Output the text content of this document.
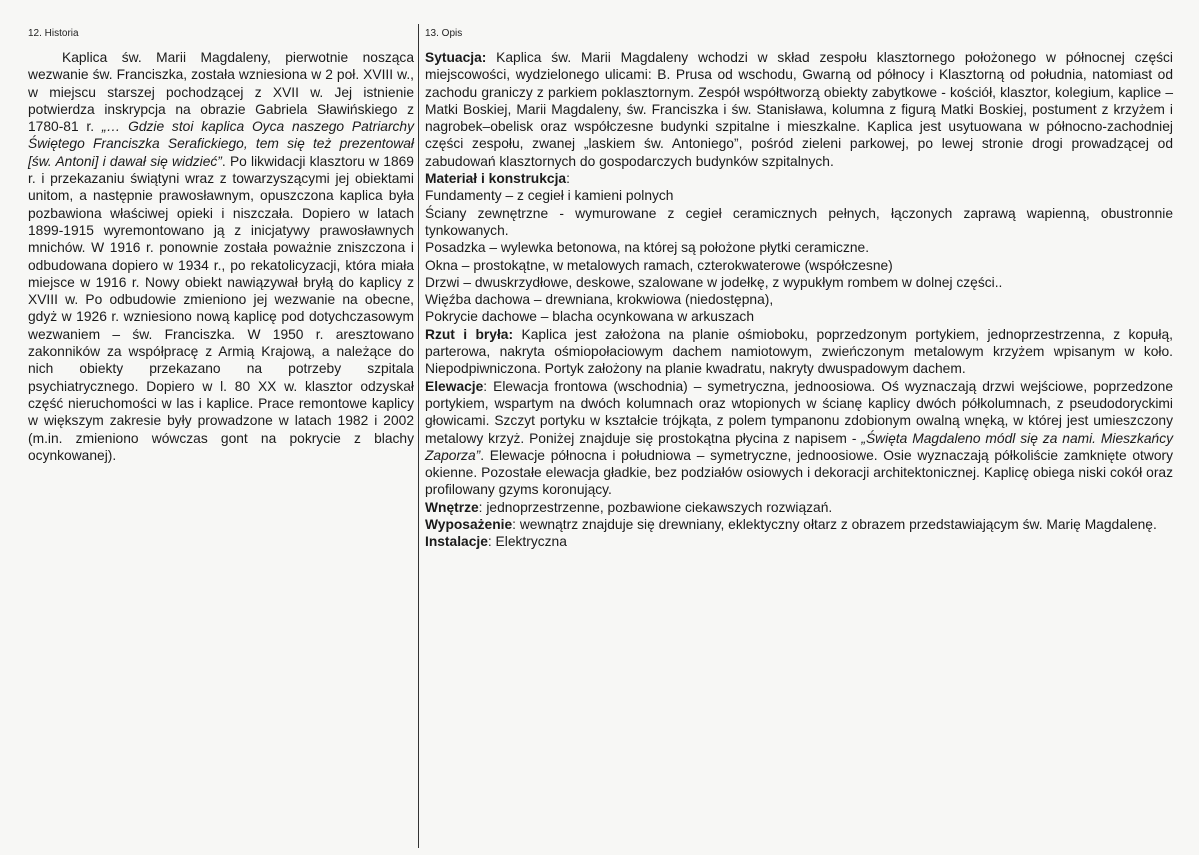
12. Historia

Kaplica św. Marii Magdaleny, pierwotnie nosząca wezwanie św. Franciszka, została wzniesiona w 2 poł. XVIII w., w miejscu starszej pochodzącej z XVII w. Jej istnienie potwierdza inskrypcja na obrazie Gabriela Sławińskiego z 1780-81 r. „… Gdzie stoi kaplica Oyca naszego Patriarchy Świętego Franciszka Serafickiego, tem się też prezentował [św. Antoni] i dawał się widzieć”. Po likwidacji klasztoru w 1869 r. i przekazaniu świątyni wraz z towarzyszącymi jej obiektami unitom, a następnie prawosławnym, opuszczona kaplica była pozbawiona właściwej opieki i niszczała. Dopiero w latach 1899-1915 wyremontowano ją z inicjatywy prawosławnych mnichów. W 1916 r. ponownie została poważnie zniszczona i odbudowana dopiero w 1934 r., po rekatolicyzacji, która miała miejsce w 1916 r. Nowy obiekt nawiązywał bryłą do kaplicy z XVIII w. Po odbudowie zmieniono jej wezwanie na obecne, gdyż w 1926 r. wzniesiono nową kaplicę pod dotychczasowym wezwaniem – św. Franciszka. W 1950 r. aresztowano zakonników za współpracę z Armią Krajową, a należące do nich obiekty przekazano na potrzeby szpitala psychiatrycznego. Dopiero w l. 80 XX w. klasztor odzyskał część nieruchomości w las i kaplice. Prace remontowe kaplicy w większym zakresie były prowadzone w latach 1982 i 2002 (m.in. zmieniono wówczas gont na pokrycie z blachy ocynkowanej).

13. Opis

Sytuacja: Kaplica św. Marii Magdaleny wchodzi w skład zespołu klasztornego położonego w północnej części miejscowości, wydzielonego ulicami: B. Prusa od wschodu, Gwarną od północy i Klasztorną od południa, natomiast od zachodu graniczy z parkiem poklasztornym. Zespół współtworzą obiekty zabytkowe - kościół, klasztor, kolegium, kaplice – Matki Boskiej, Marii Magdaleny, św. Franciszka i św. Stanisława, kolumna z figurą Matki Boskiej, postument z krzyżem i nagrobek–obelisk oraz współczesne budynki szpitalne i mieszkalne. Kaplica jest usytuowana w północno-zachodniej części zespołu, zwanej „laskiem św. Antoniego”, pośród zieleni parkowej, po lewej stronie drogi prowadzącej od zabudowań klasztornych do gospodarczych budynków szpitalnych.

Materiał i konstrukcja:

Fundamenty – z cegieł i kamieni polnych

Ściany zewnętrzne - wymurowane z cegieł ceramicznych pełnych, łączonych zaprawą wapienną, obustronnie tynkowanych.

Posadzka – wylewka betonowa, na której są położone płytki ceramiczne.

Okna – prostokątne, w metalowych ramach, czterokwaterowe (współczesne)

Drzwi – dwuskrzydłowe, deskowe, szalowane w jodełkę, z wypukłym rombem w dolnej części..

Więźba dachowa – drewniana, krokwiowa (niedostępna),

Pokrycie dachowe – blacha ocynkowana w arkuszach

Rzut i bryła: Kaplica jest założona na planie ośmioboku, poprzedzonym portykiem, jednoprzestrzenna, z kopułą, parterowa, nakryta ośmiopołaciowym dachem namiotowym, zwieńczonym metalowym krzyżem wpisanym w koło. Niepodpiwniczona. Portyk założony na planie kwadratu, nakryty dwuspadowym dachem.

Elewacje: Elewacja frontowa (wschodnia) – symetryczna, jednoosiowa. Oś wyznaczają drzwi wejściowe, poprzedzone portykiem, wspartym na dwóch kolumnach oraz wtopionych w ścianę kaplicy dwóch półkolumnach, z pseudodoryckimi głowicami. Szczyt portyku w kształcie trójkąta, z polem tympanonu zdobionym owalną wnęką, w której jest umieszczony metalowy krzyż. Poniżej znajduje się prostokątna płycina z napisem - „Święta Magdaleno módl się za nami. Mieszkańcy Zaporza”. Elewacje północna i południowa – symetryczne, jednoosiowe. Osie wyznaczają półkoliście zamknięte otwory okienne. Pozostałe elewacja gładkie, bez podziałów osiowych i dekoracji architektonicznej. Kaplicę obiega niski cokół oraz profilowany gzyms koronujący.

Wnętrze: jednoprzestrzenne, pozbawione ciekawszych rozwiązań.

Wyposażenie: wewnątrz znajduje się drewniany, eklektyczny ołtarz z obrazem przedstawiającym św. Marię Magdalenę.

Instalacje: Elektryczna
